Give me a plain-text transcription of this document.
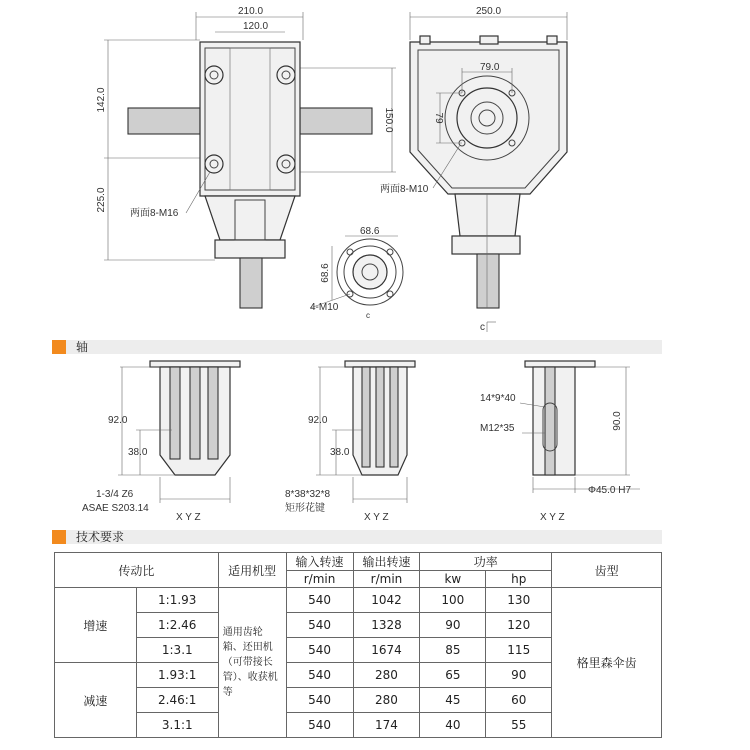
210.0
120.0
142.0
225.0
150.0
两面8-M16
250.0
79.0
79
两面8-M10
c
68.6
68.6
4-M10
c
轴
92.0
38.0
1-3/4 Z6
ASAE S203.14
X Y Z
92.0
38.0
8*38*32*8
矩形花键
X Y Z
90.0
14*9*40
M12*35
Φ45.0 H7
X Y Z
技术要求
传动比		适用机型	输入转速	输出转速	功率		齿型
			r/min	r/min	kw	hp	
增速	1:1.93	通用齿轮箱、还田机（可带接长管）、收获机等	540	1042	100	130	格里森伞齿
	1:2.46		540	1328	90	120	
	1:3.1		540	1674	85	115	
减速	1.93:1		540	280	65	90	
	2.46:1		540	280	45	60	
	3.1:1		540	174	40	55	
